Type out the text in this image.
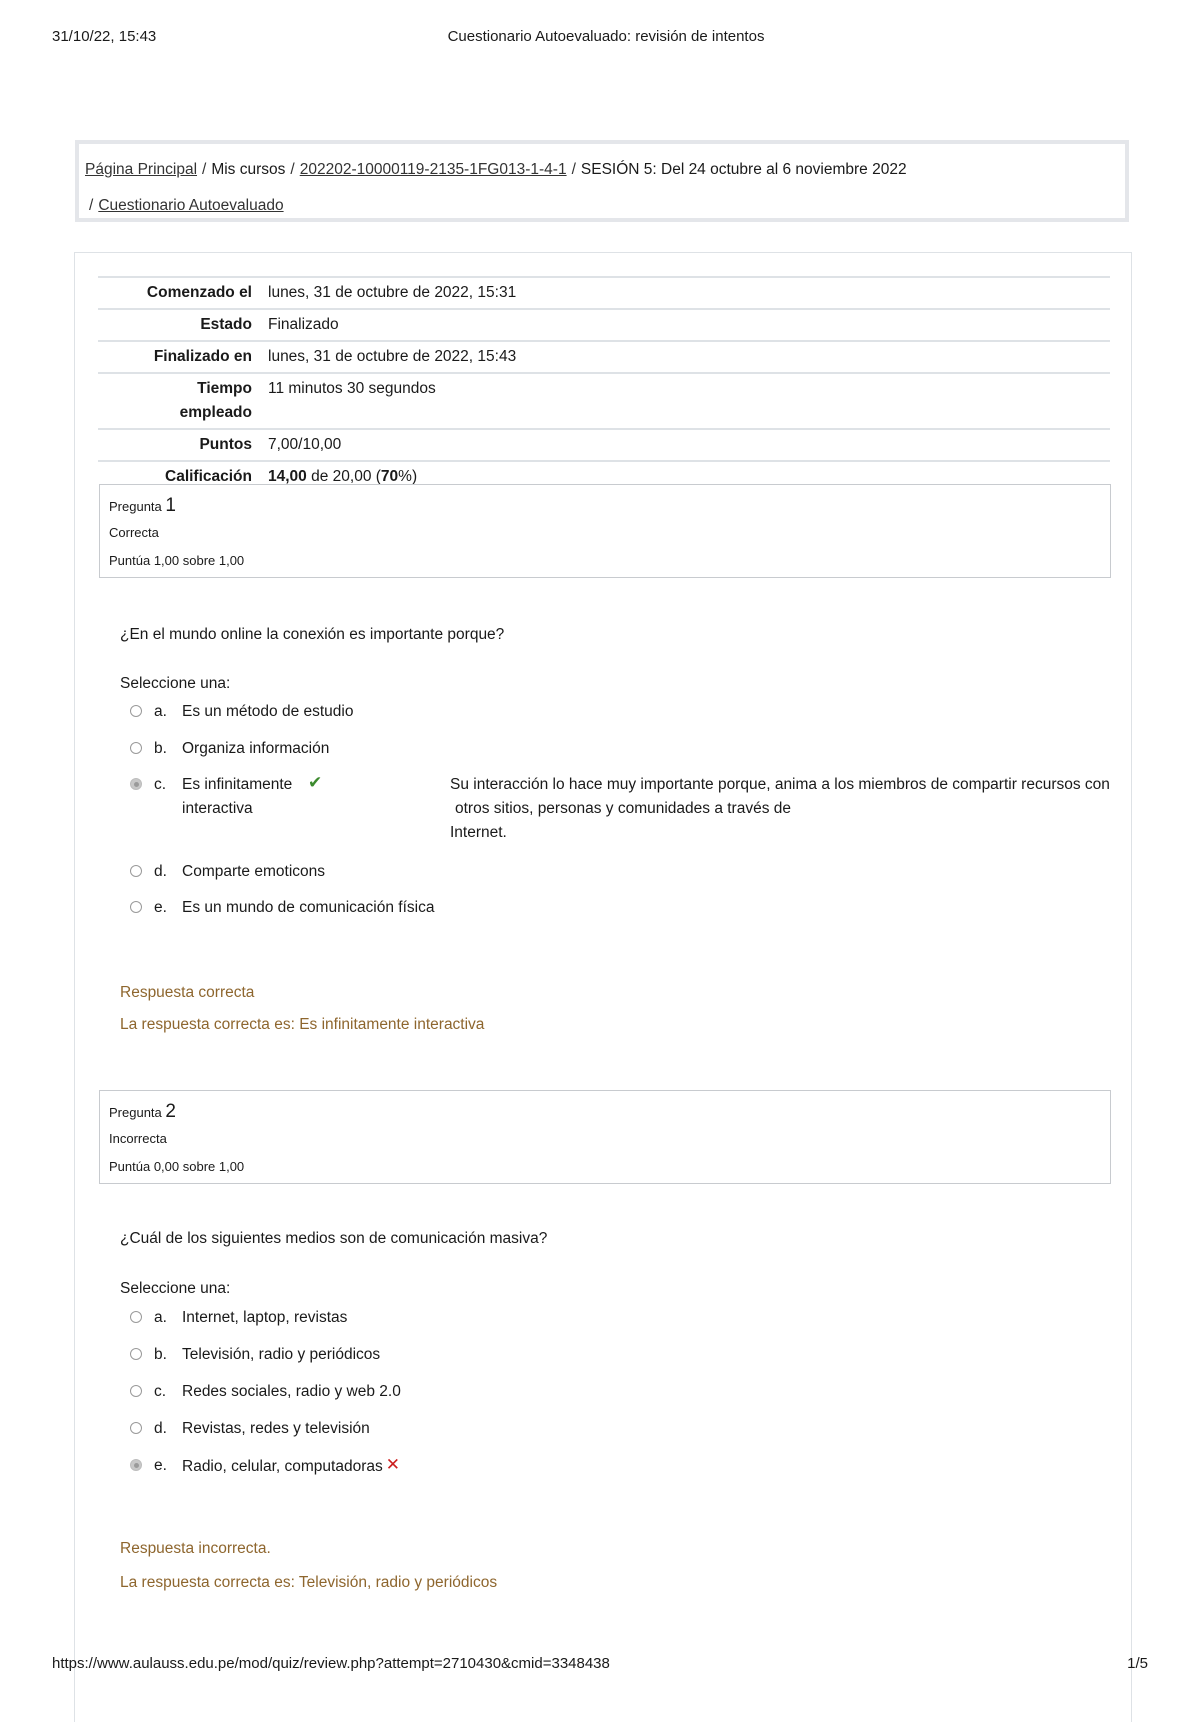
31/10/22, 15:43	Cuestionario Autoevaluado: revisión de intentos
Página Principal / Mis cursos / 202202-10000119-2135-1FG013-1-4-1 / SESIÓN 5: Del 24 octubre al 6 noviembre 2022
/ Cuestionario Autoevaluado
Comenzado el	lunes, 31 de octubre de 2022, 15:31
Estado	Finalizado
Finalizado en	lunes, 31 de octubre de 2022, 15:43
Tiempo
empleado	11 minutos 30 segundos
Puntos	7,00/10,00
Calificación	14,00 de 20,00 (70%)
Pregunta 1
Correcta
Puntúa 1,00 sobre 1,00
¿En el mundo online la conexión es importante porque?
Seleccione una:
a. Es un método de estudio
b. Organiza información
c. Es infinitamente
interactiva
✔	Su interacción lo hace muy importante porque, anima a los miembros de compartir recursos con
otros sitios, personas y comunidades a través de
Internet.
d. Comparte emoticons
e. Es un mundo de comunicación física
Respuesta correcta
La respuesta correcta es: Es infinitamente interactiva
Pregunta 2
Incorrecta
Puntúa 0,00 sobre 1,00
¿Cuál de los siguientes medios son de comunicación masiva?
Seleccione una:
a. Internet, laptop, revistas
b. Televisión, radio y periódicos
c. Redes sociales, radio y web 2.0
d. Revistas, redes y televisión
e. Radio, celular, computadoras ✕
Respuesta incorrecta.
La respuesta correcta es: Televisión, radio y periódicos
https://www.aulauss.edu.pe/mod/quiz/review.php?attempt=2710430&cmid=3348438	1/5
